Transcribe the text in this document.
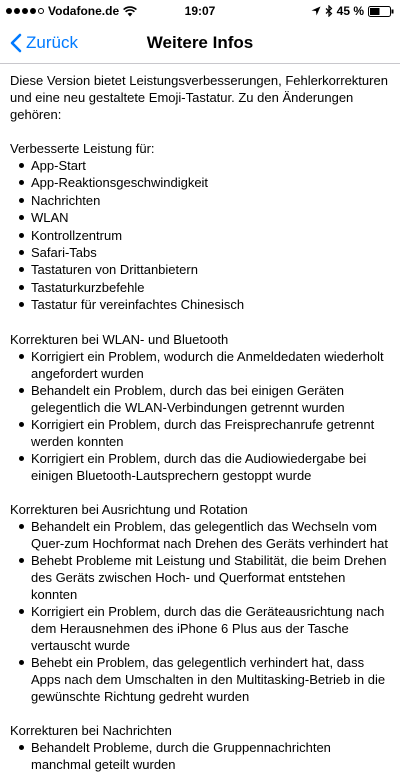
Vodafone.de	19:07	45 %
Zurück	Weitere Infos

Diese Version bietet Leistungsverbesserungen, Fehlerkorrekturen und eine neu gestaltete Emoji-Tastatur. Zu den Änderungen gehören:

Verbesserte Leistung für:

App-Start
App-Reaktionsgeschwindigkeit
Nachrichten
WLAN
Kontrollzentrum
Safari-Tabs
Tastaturen von Drittanbietern
Tastaturkurzbefehle
Tastatur für vereinfachtes Chinesisch

Korrekturen bei WLAN- und Bluetooth

Korrigiert ein Problem, wodurch die Anmeldedaten wiederholt angefordert wurden
Behandelt ein Problem, durch das bei einigen Geräten gelegentlich die WLAN-Verbindungen getrennt wurden
Korrigiert ein Problem, durch das Freisprechanrufe getrennt werden konnten
Korrigiert ein Problem, durch das die Audiowiedergabe bei einigen Bluetooth-Lautsprechern gestoppt wurde

Korrekturen bei Ausrichtung und Rotation

Behandelt ein Problem, das gelegentlich das Wechseln vom Quer-zum Hochformat nach Drehen des Geräts verhindert hat
Behebt Probleme mit Leistung und Stabilität, die beim Drehen des Geräts zwischen Hoch- und Querformat entstehen konnten
Korrigiert ein Problem, durch das die Geräteausrichtung nach dem Herausnehmen des iPhone 6 Plus aus der Tasche vertauscht wurde
Behebt ein Problem, das gelegentlich verhindert hat, dass Apps nach dem Umschalten in den Multitasking-Betrieb in die gewünschte Richtung gedreht wurden

Korrekturen bei Nachrichten

Behandelt Probleme, durch die Gruppennachrichten manchmal geteilt wurden
